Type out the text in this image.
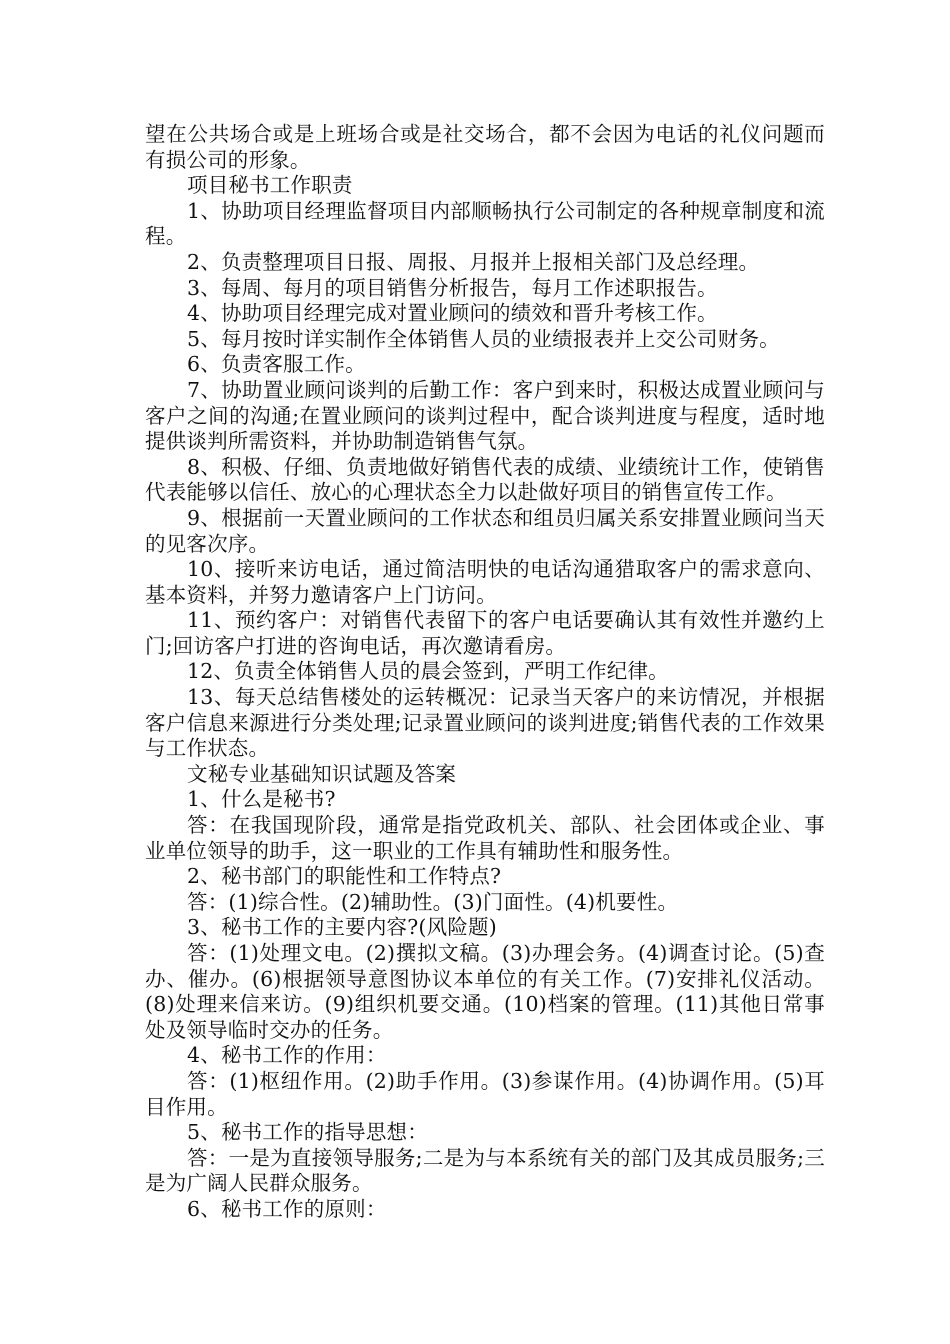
望在公共场合或是上班场合或是社交场合，都不会因为电话的礼仪问题而有损公司的形象。

项目秘书工作职责

1、协助项目经理监督项目内部顺畅执行公司制定的各种规章制度和流程。

2、负责整理项目日报、周报、月报并上报相关部门及总经理。

3、每周、每月的项目销售分析报告，每月工作述职报告。

4、协助项目经理完成对置业顾问的绩效和晋升考核工作。

5、每月按时详实制作全体销售人员的业绩报表并上交公司财务。

6、负责客服工作。

7、协助置业顾问谈判的后勤工作：客户到来时，积极达成置业顾问与客户之间的沟通;在置业顾问的谈判过程中，配合谈判进度与程度，适时地提供谈判所需资料，并协助制造销售气氛。

8、积极、仔细、负责地做好销售代表的成绩、业绩统计工作，使销售代表能够以信任、放心的心理状态全力以赴做好项目的销售宣传工作。

9、根据前一天置业顾问的工作状态和组员归属关系安排置业顾问当天的见客次序。

10、接听来访电话，通过简洁明快的电话沟通猎取客户的需求意向、基本资料，并努力邀请客户上门访问。

11、预约客户：对销售代表留下的客户电话要确认其有效性并邀约上门;回访客户打进的咨询电话，再次邀请看房。

12、负责全体销售人员的晨会签到，严明工作纪律。

13、每天总结售楼处的运转概况：记录当天客户的来访情况，并根据客户信息来源进行分类处理;记录置业顾问的谈判进度;销售代表的工作效果与工作状态。

文秘专业基础知识试题及答案

1、什么是秘书?

答：在我国现阶段，通常是指党政机关、部队、社会团体或企业、事业单位领导的助手，这一职业的工作具有辅助性和服务性。

2、秘书部门的职能性和工作特点?

答：(1)综合性。(2)辅助性。(3)门面性。(4)机要性。

3、秘书工作的主要内容?(风险题)

答：(1)处理文电。(2)撰拟文稿。(3)办理会务。(4)调查讨论。(5)查办、催办。(6)根据领导意图协议本单位的有关工作。(7)安排礼仪活动。(8)处理来信来访。(9)组织机要交通。(10)档案的管理。(11)其他日常事处及领导临时交办的任务。

4、秘书工作的作用：

答：(1)枢纽作用。(2)助手作用。(3)参谋作用。(4)协调作用。(5)耳目作用。

5、秘书工作的指导思想：

答：一是为直接领导服务;二是为与本系统有关的部门及其成员服务;三是为广阔人民群众服务。

6、秘书工作的原则：
